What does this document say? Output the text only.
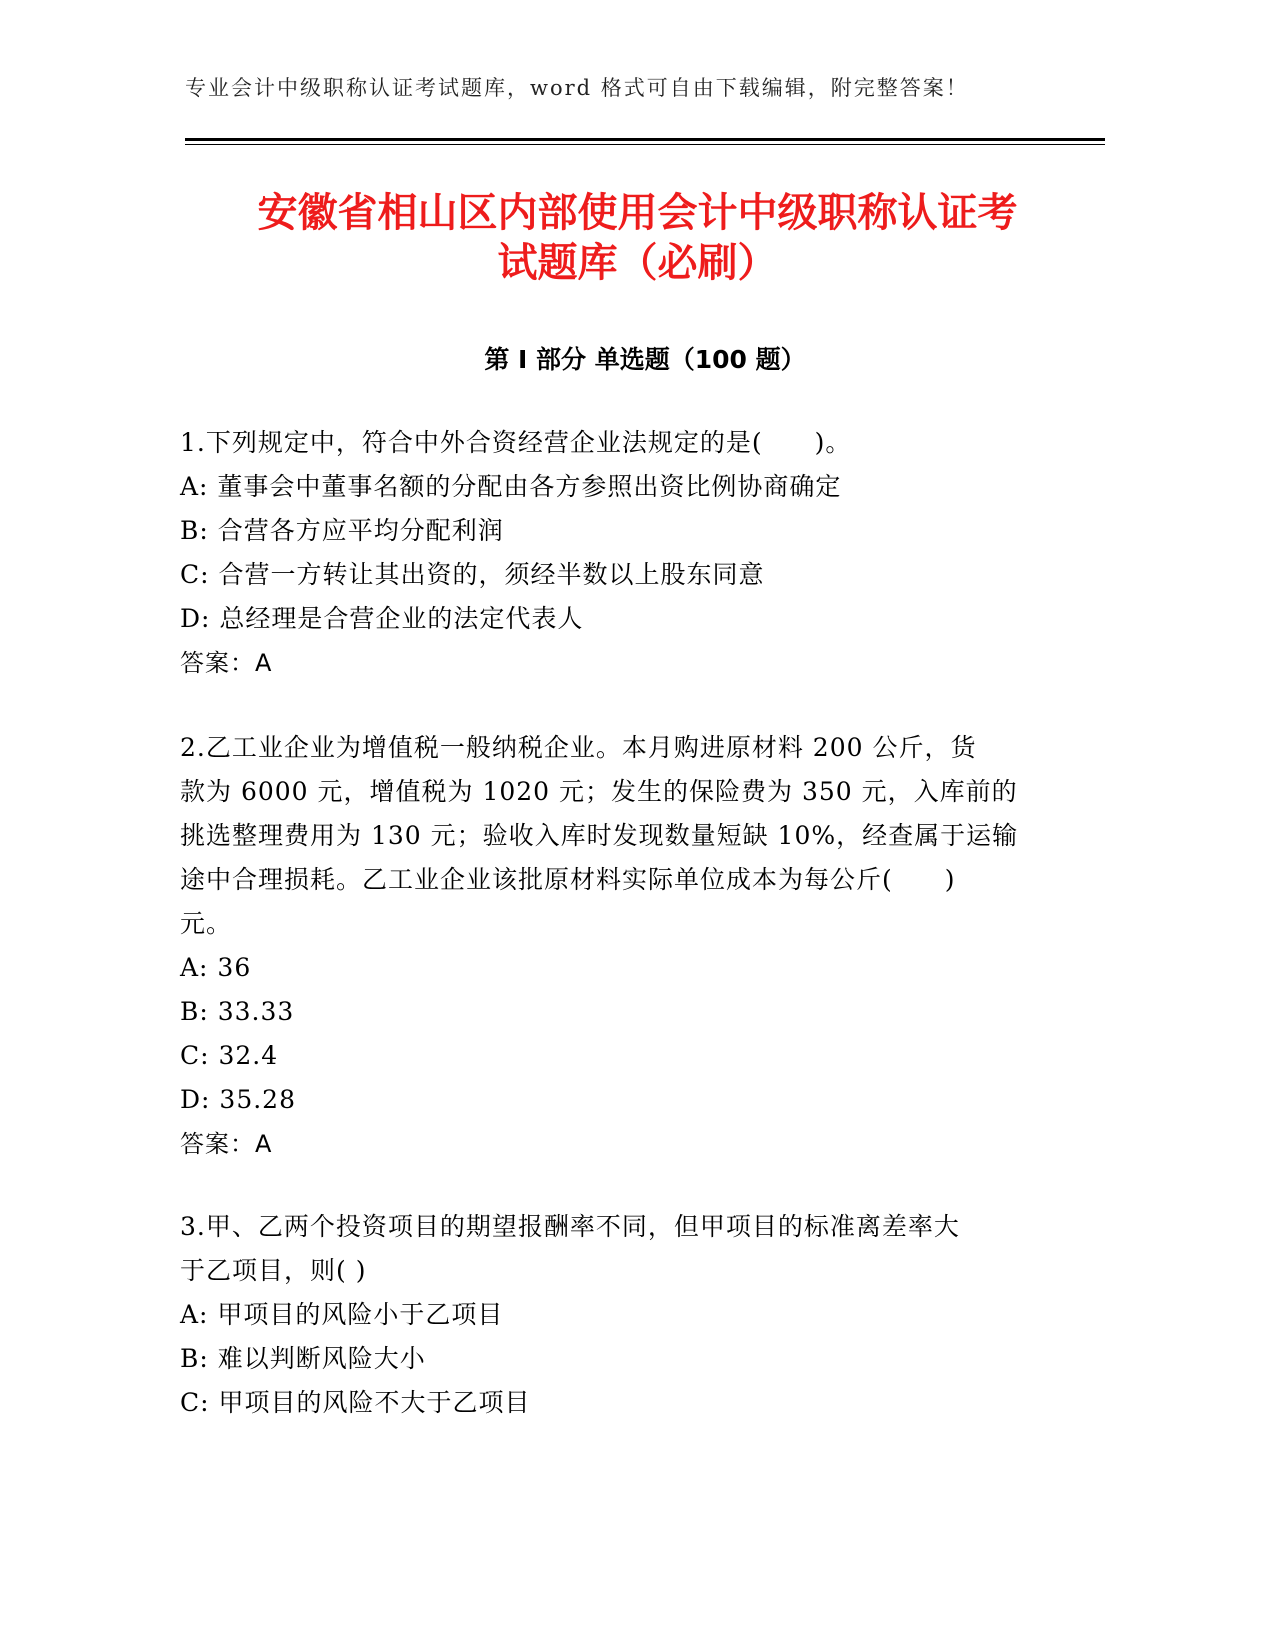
专业会计中级职称认证考试题库，word 格式可自由下载编辑，附完整答案！
安徽省相山区内部使用会计中级职称认证考
试题库（必刷）
第 I 部分 单选题（100 题）
1.下列规定中，符合中外合资经营企业法规定的是(　　)。
A: 董事会中董事名额的分配由各方参照出资比例协商确定
B: 合营各方应平均分配利润
C: 合营一方转让其出资的，须经半数以上股东同意
D: 总经理是合营企业的法定代表人
答案：A
2.乙工业企业为增值税一般纳税企业。本月购进原材料 200 公斤，货
款为 6000 元，增值税为 1020 元；发生的保险费为 350 元，入库前的
挑选整理费用为 130 元；验收入库时发现数量短缺 10%，经查属于运输
途中合理损耗。乙工业企业该批原材料实际单位成本为每公斤(　　)
元。
A: 36
B: 33.33
C: 32.4
D: 35.28
答案：A
3.甲、乙两个投资项目的期望报酬率不同，但甲项目的标准离差率大
于乙项目，则( )
A: 甲项目的风险小于乙项目
B: 难以判断风险大小
C: 甲项目的风险不大于乙项目
